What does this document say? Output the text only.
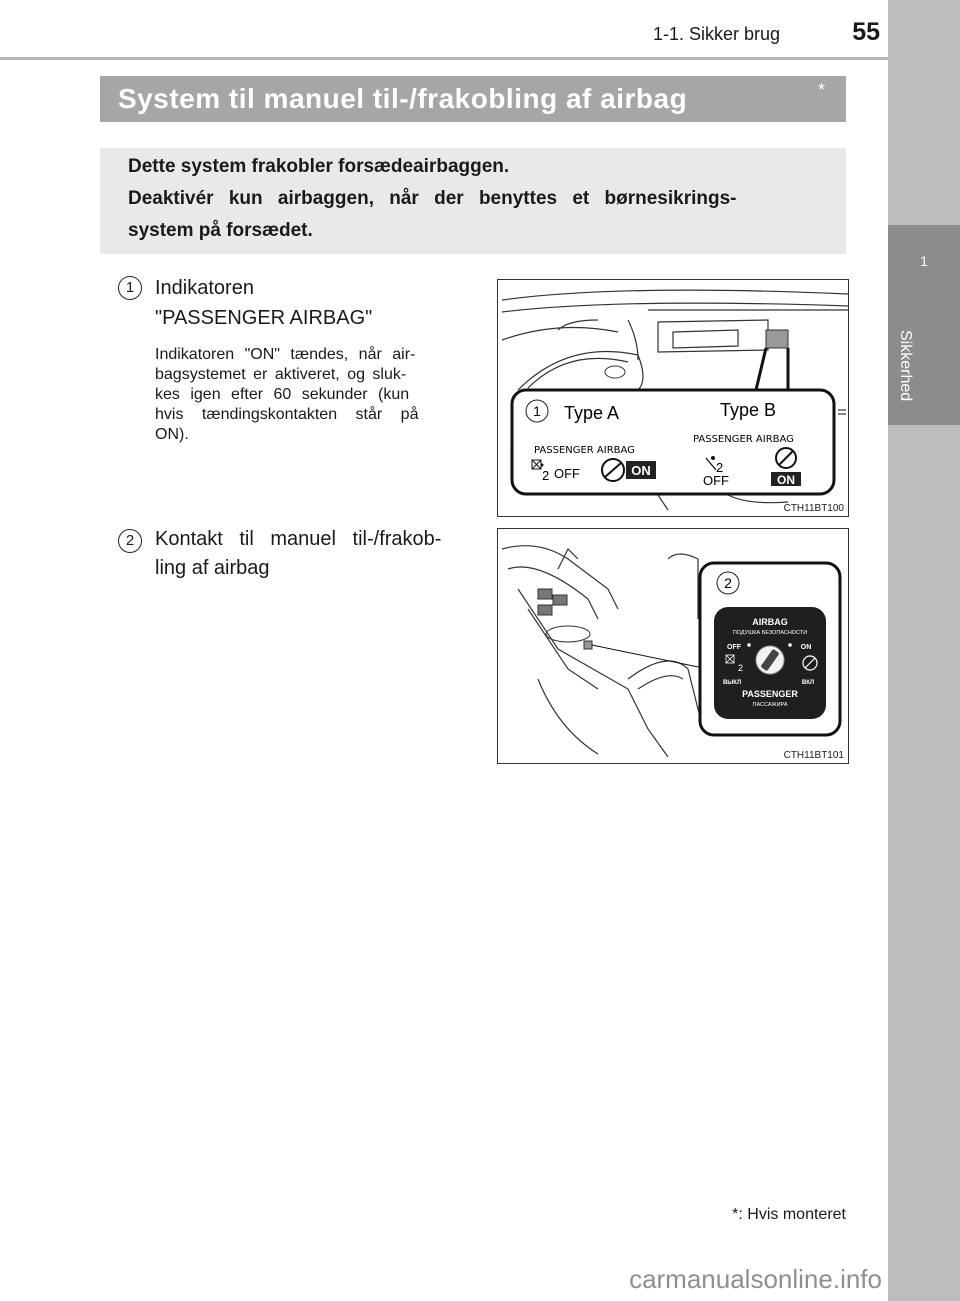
1-1. Sikker brug	55
1
Sikkerhed
System til manuel til-/frakobling af airbag	*
Dette system frakobler forsædeairbaggen.
Deaktivér kun airbaggen, når der benyttes et børnesikrings-
system på forsædet.
1	Indikatoren
"PASSENGER AIRBAG"
Indikatoren "ON" tændes, når air-
bagsystemet er aktiveret, og sluk-
kes igen efter 60 sekunder (kun
hvis tændingskontakten står på
ON).
2	Kontakt til manuel til-/frakob-
ling af airbag
1 Type A	Type B
PASSENGER AIRBAG
PASSENGER AIRBAG
2 OFF	ON	2
OFF	ON
CTH11BT100
2
AIRBAG
ПОДУШКА БЕЗОПАСНОСТИ
OFF	ON
2
ВЫКЛ	ВКЛ
PASSENGER
ПАССАЖИРА
CTH11BT101
*: Hvis monteret
carmanualsonline.info
